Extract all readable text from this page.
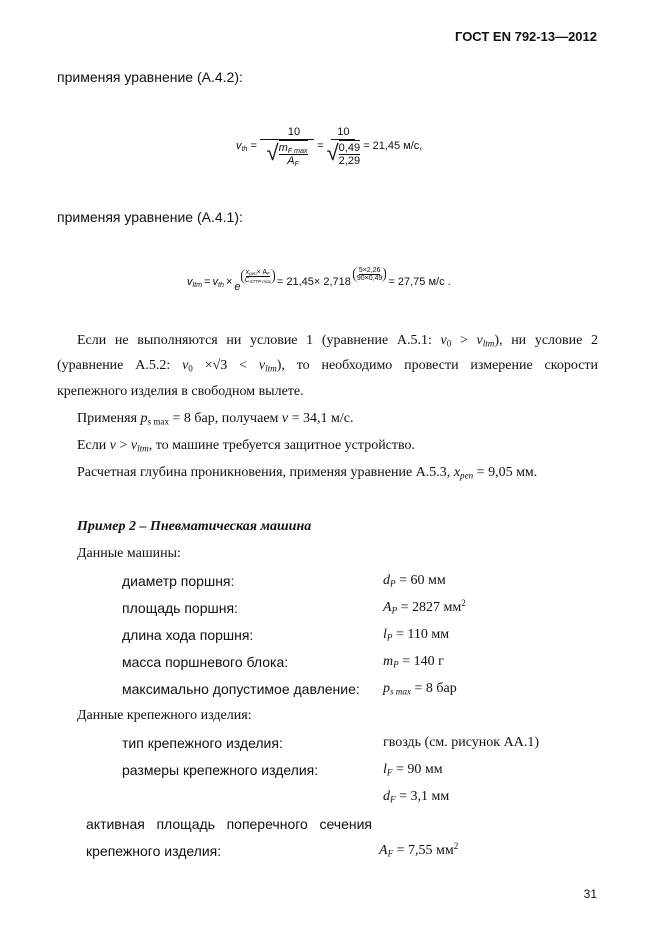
ГОСТ EN 792-13—2012
применяя уравнение (А.4.2):
$v_{th} = \frac{10}{√ \frac{m_{F max}}{A_F}} = \frac{10}{√ \frac{0,49}{2,29}} = 21,45$ м/с,
применяя уравнение (А.4.1):
$v_{ltm} = v_{th} \times e$
$\frac{x_{pen}\times A_F}{C_{STTP max}} = 21,45\times 2,718$
$\frac{5\times 2,26}{90\times 0,49}$
= 27,75 м/с .
Если не выполняются ни условие 1 (уравнение А.5.1: $v_0 > v_{ltm}$), ни условие 2
(уравнение А.5.2: $v_0 \times√3 < v_{ltm}$), то необходимо провести измерение скорости
крепежного изделия в свободном вылете.
Применяя $p_{s max} = 8$ бар, получаем v = 34,1 м/с.
Если $v > v_{ltm}$, то машине требуется защитное устройство.
Расчетная глубина проникновения, применяя уравнение А.5.3, $x_{pen} = 9,05$ мм.
Пример 2 – Пневматическая машина
Данные машины:
диаметр поршня:	$d_P = 60$ мм
площадь поршня:	$A_P = 2827$ $мм^2$
длина хода поршня:	$l_P = 110$ мм
масса поршневого блока:	$m_P = 140$ г
максимально допустимое давление: $p_{s max} = 8$ бар
Данные крепежного изделия:
тип крепежного изделия:	гвоздь (см. рисунок АА.1)
размеры крепежного изделия:	$l_F = 90$ мм
$d_F = 3,1$ мм
активная площадь поперечного сечения
крепежного изделия:	$A_F = 7,55$ $мм^2$
31
